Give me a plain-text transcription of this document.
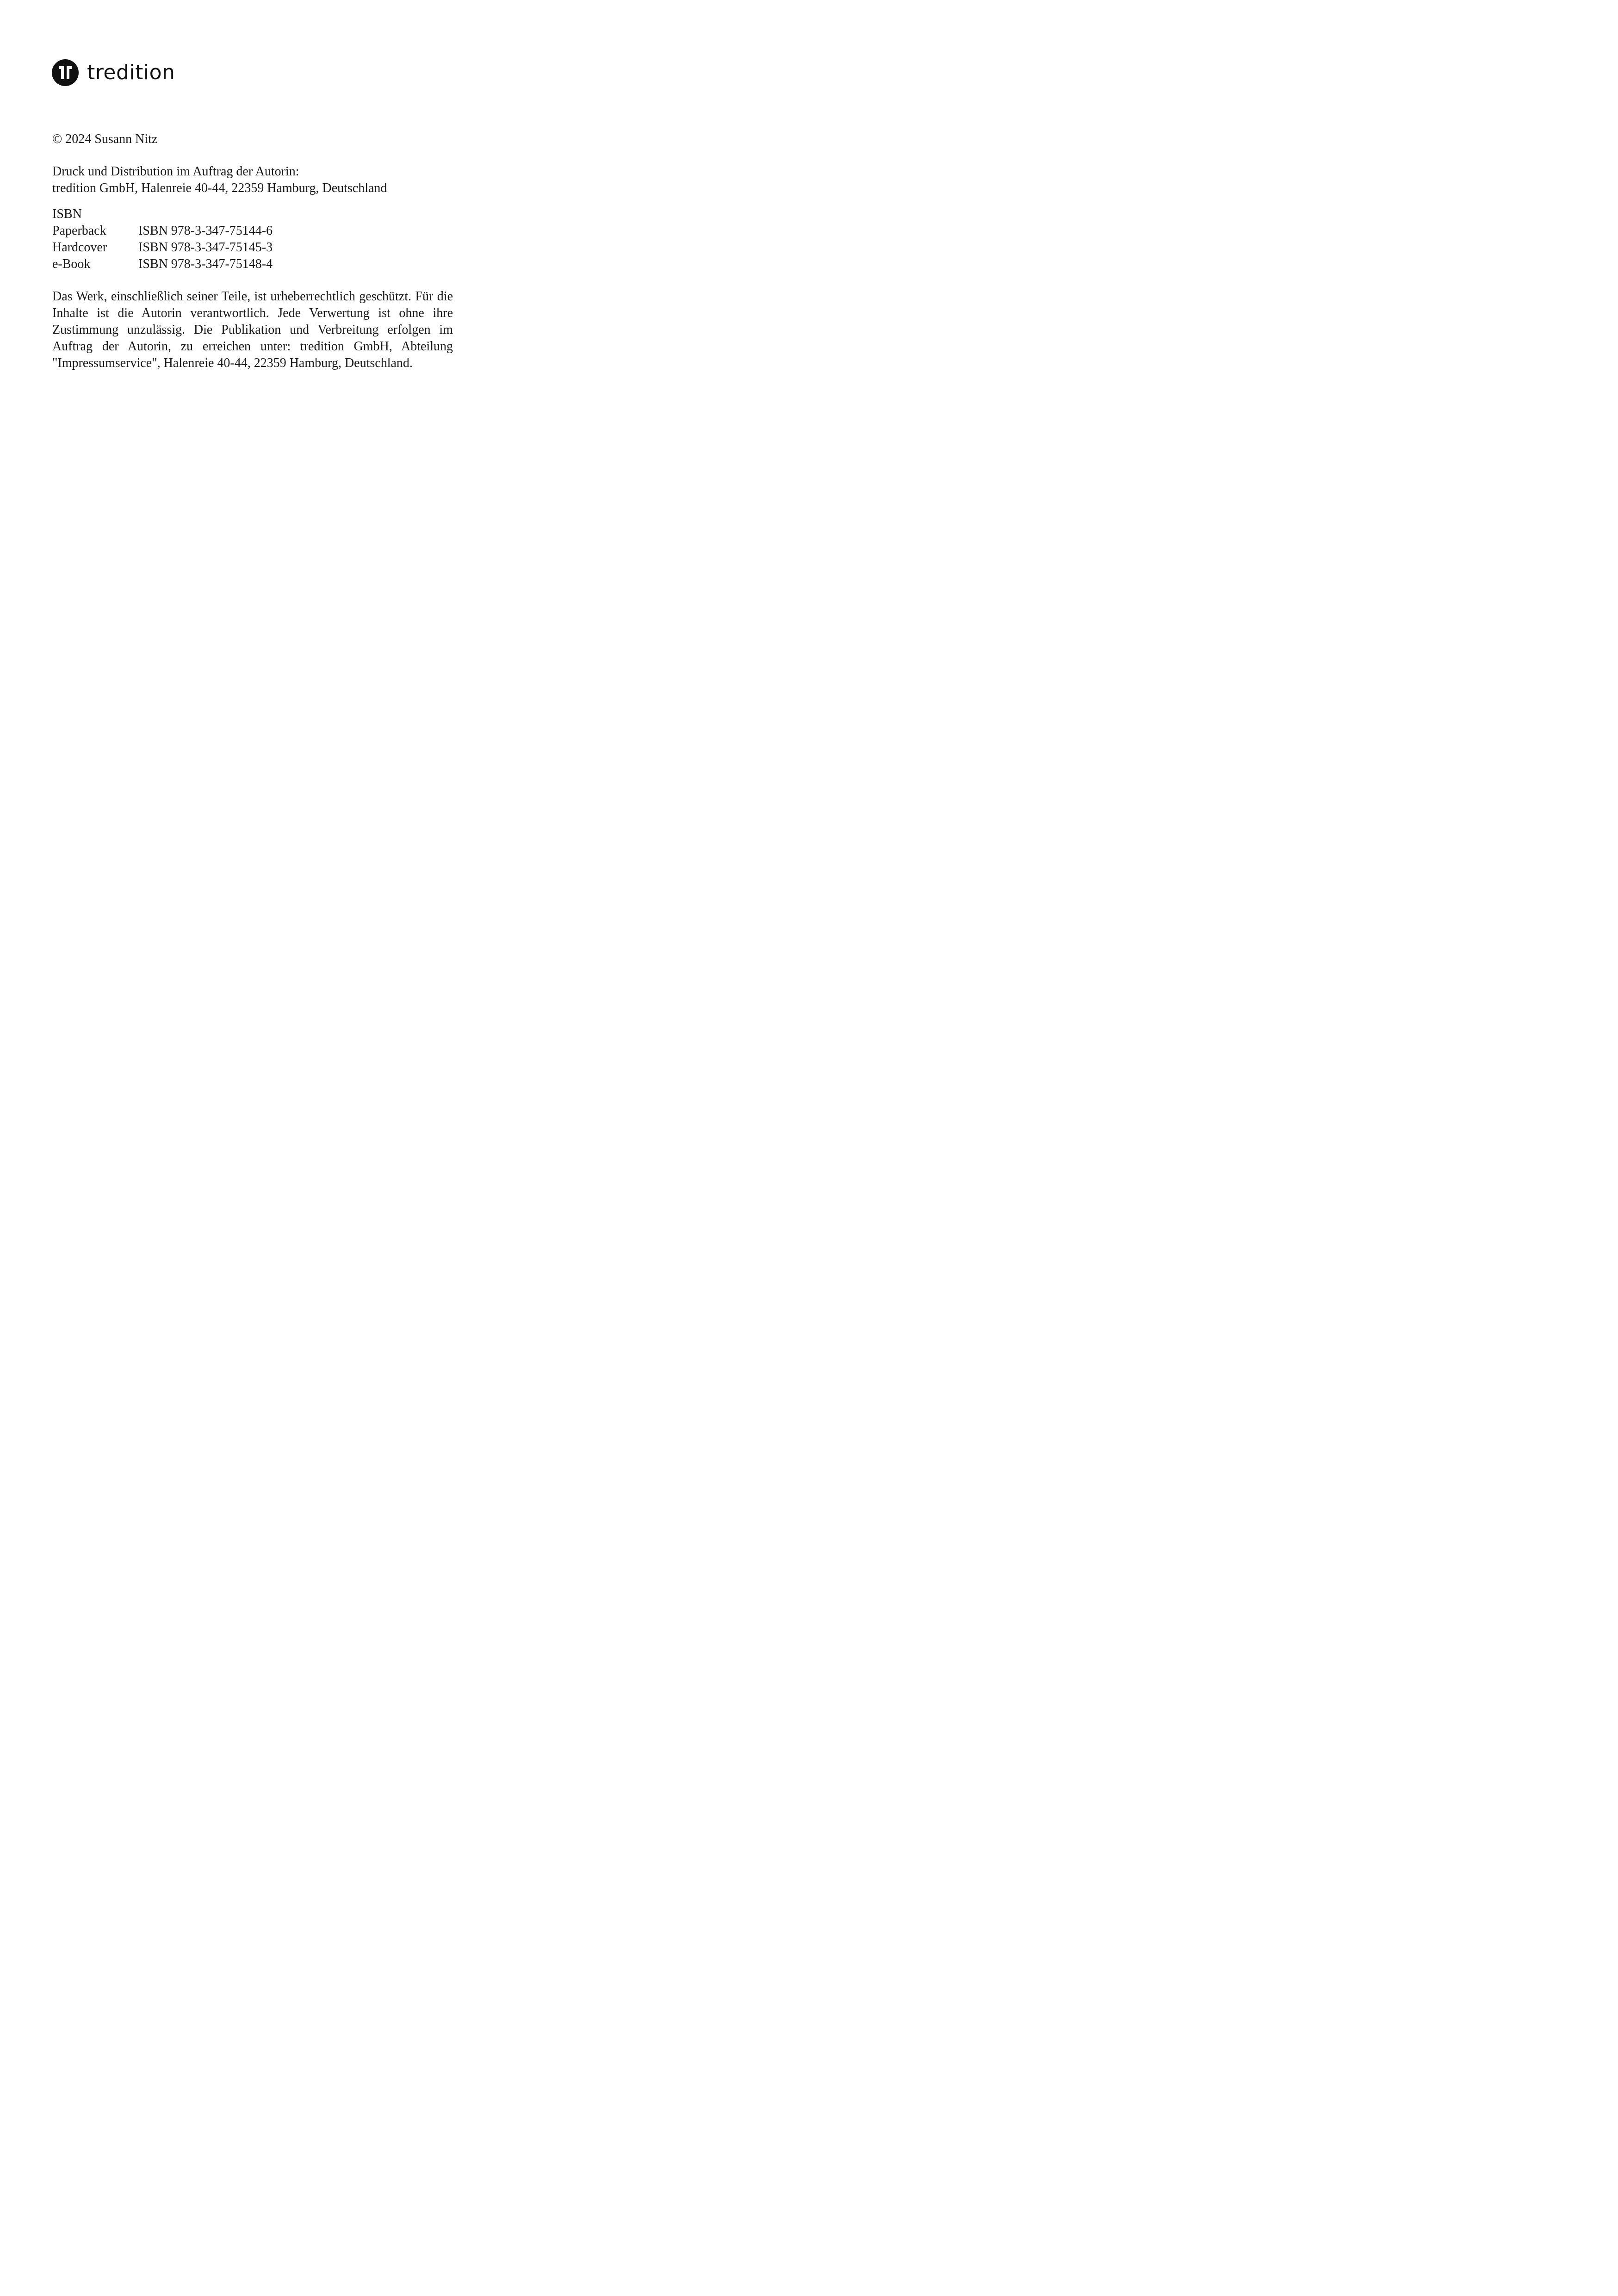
tredition
© 2024 Susann Nitz
Druck und Distribution im Auftrag der Autorin:
tredition GmbH, Halenreie 40-44, 22359 Hamburg, Deutschland
ISBN
Paperback	ISBN 978-3-347-75144-6
Hardcover	ISBN 978-3-347-75145-3
e-Book	ISBN 978-3-347-75148-4
Das Werk, einschließlich seiner Teile, ist urheberrechtlich geschützt. Für die Inhalte ist die Autorin verantwortlich. Jede Verwertung ist ohne ihre Zustimmung unzulässig. Die Publikation und Verbreitung erfolgen im Auftrag der Autorin, zu erreichen unter: tredition GmbH, Abteilung "Impressumservice", Halenreie 40-44, 22359 Hamburg, Deutschland.
